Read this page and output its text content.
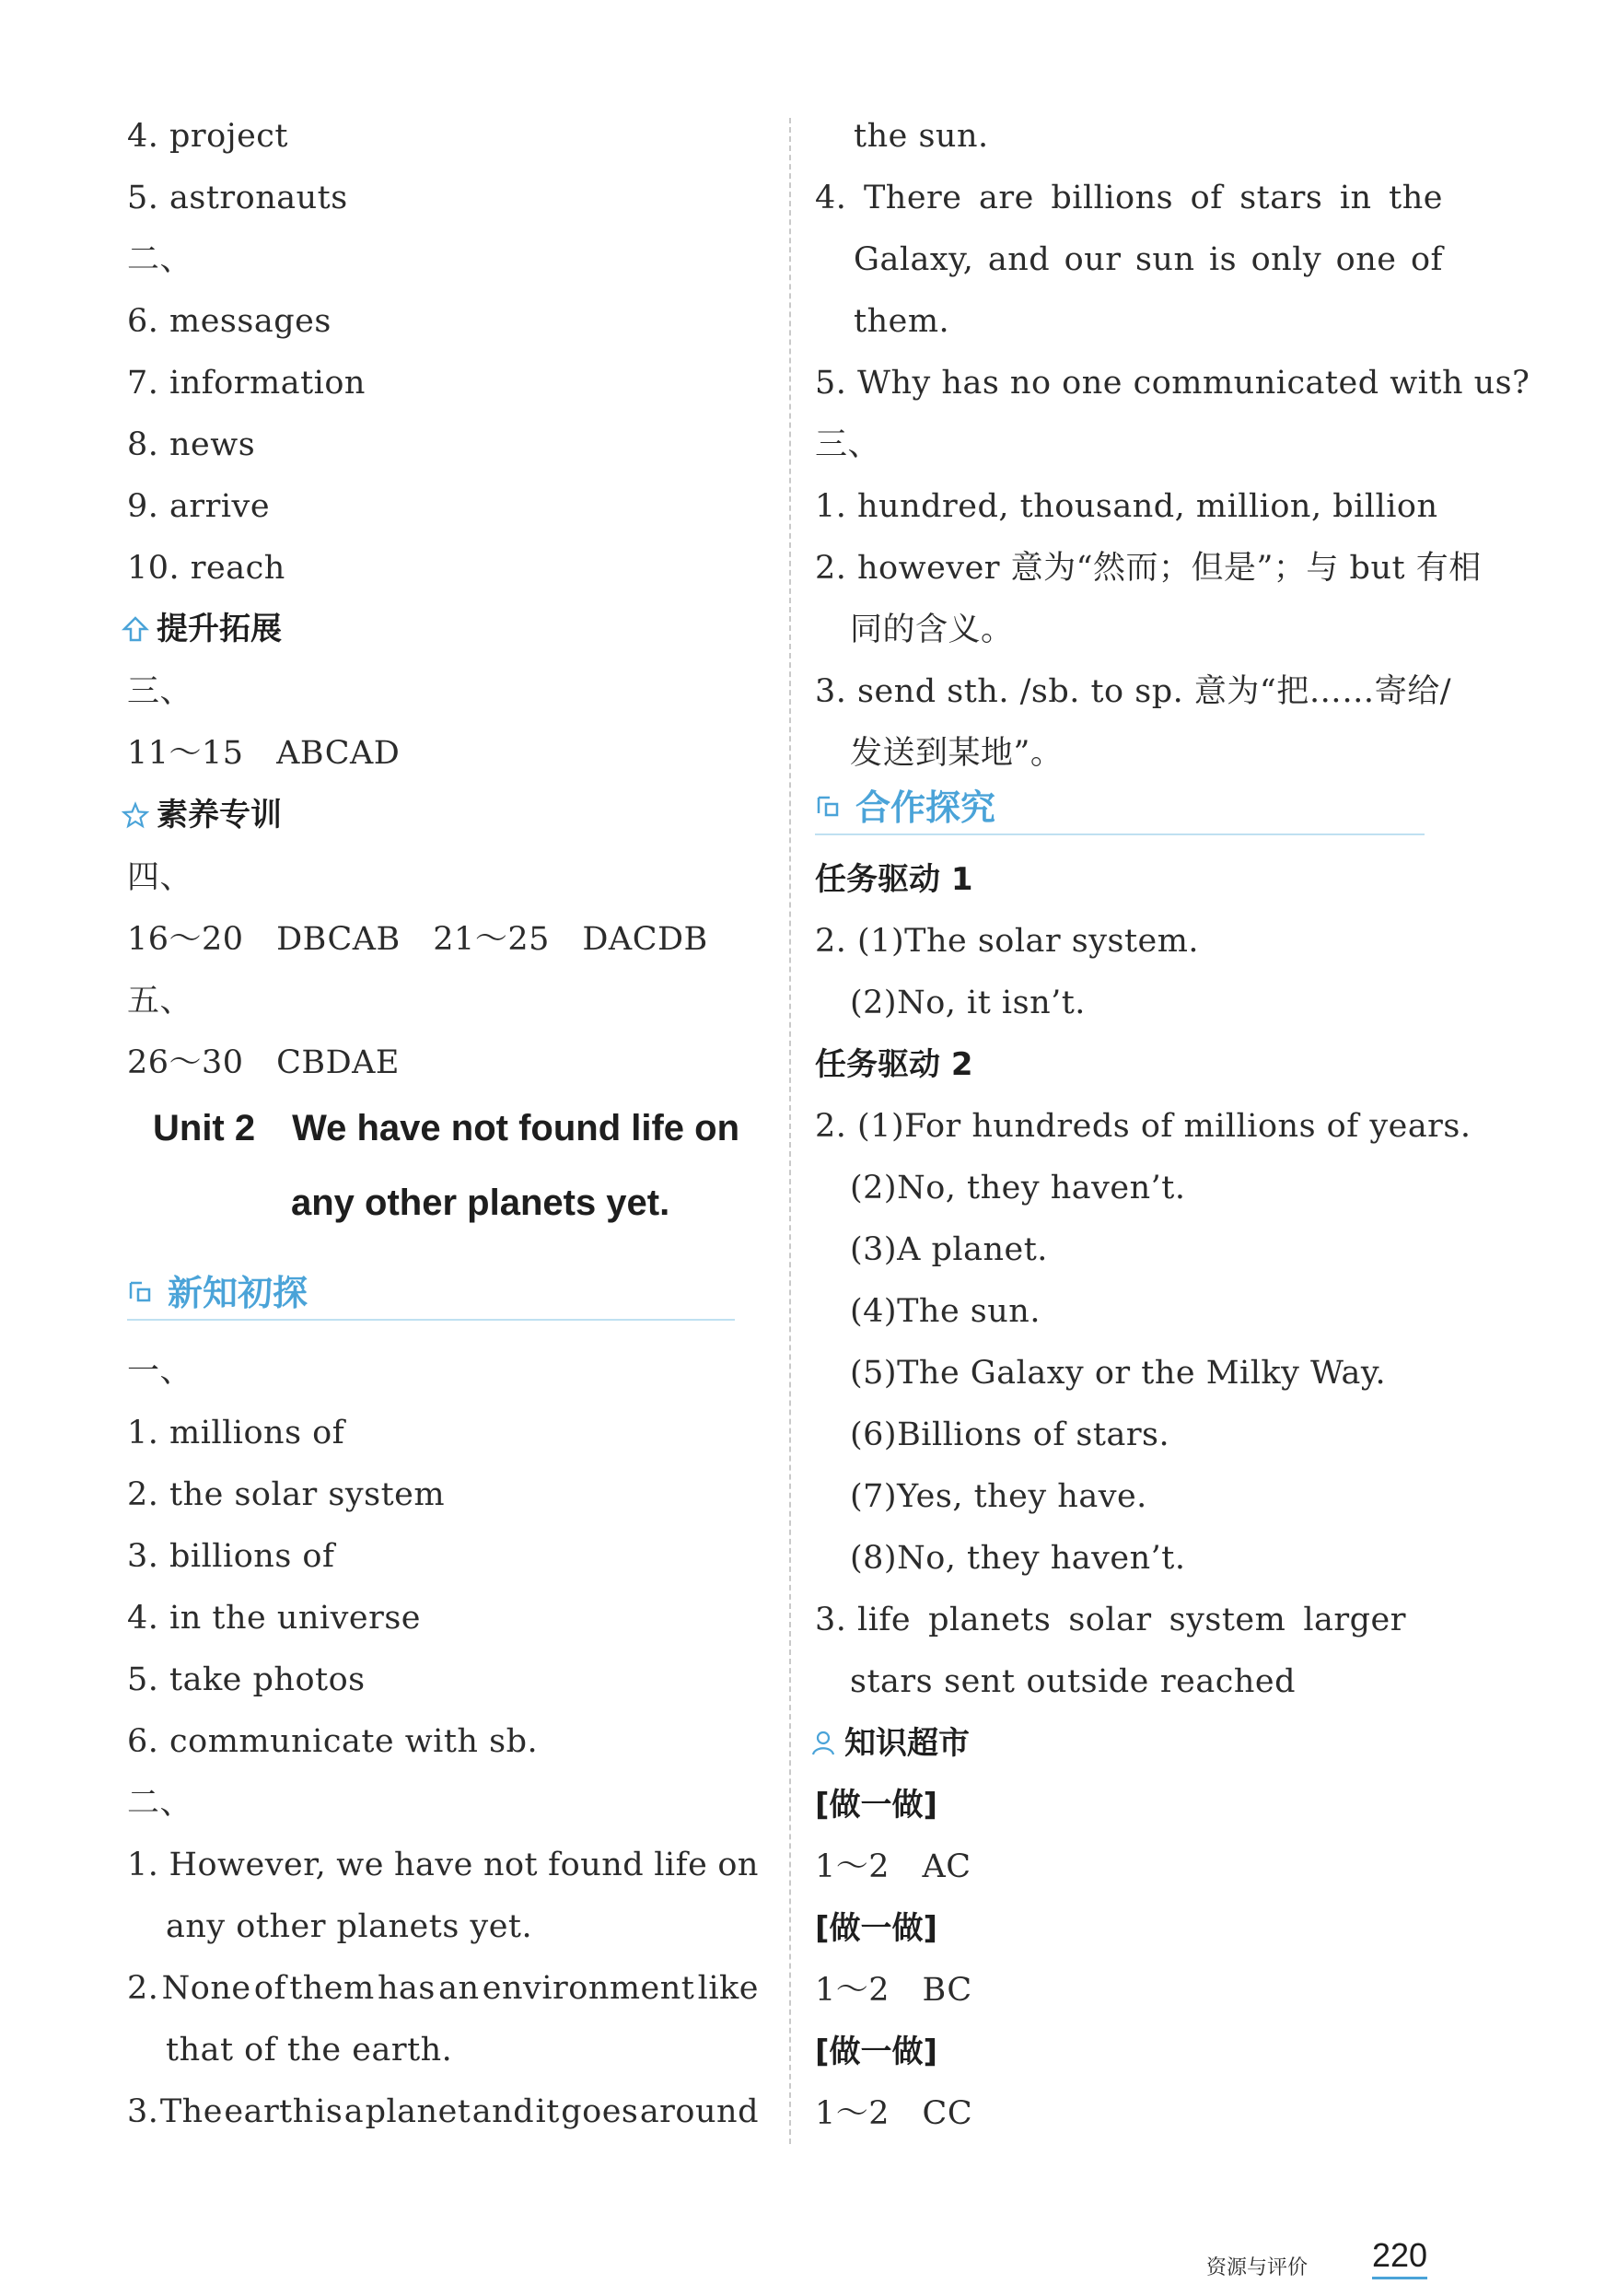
4. project
5. astronauts
二、
6. messages
7. information
8. news
9. arrive
10. reach
提升拓展
三、
11～15　ABCAD
素养专训
四、
16～20　DBCAB　21～25　DACDB
五、
26～30　CBDAE
Unit 2　We have not found life on
any other planets yet.
新知初探
一、
1. millions of
2. the solar system
3. billions of
4. in the universe
5. take photos
6. communicate with sb.
二、
1. However, we have not found life on
any other planets yet.
2. None of them has an environment like
that of the earth.
3. The earth is a planet and it goes around
the sun.
4. There are billions of stars in the
Galaxy, and our sun is only one of
them.
5. Why has no one communicated with us?
三、
1. hundred, thousand, million, billion
2. however 意为“然而；但是”；与 but 有相
同的含义。
3. send sth. /sb. to sp. 意为“把……寄给/
发送到某地”。
合作探究
任务驱动 1
2. (1)The solar system.
(2)No, it isn’t.
任务驱动 2
2. (1)For hundreds of millions of years.
(2)No, they haven’t.
(3)A planet.
(4)The sun.
(5)The Galaxy or the Milky Way.
(6)Billions of stars.
(7)Yes, they have.
(8)No, they haven’t.
3. life planets solar system larger
stars sent outside reached
知识超市
[做一做]
1～2　AC
[做一做]
1～2　BC
[做一做]
1～2　CC
资源与评价 220
